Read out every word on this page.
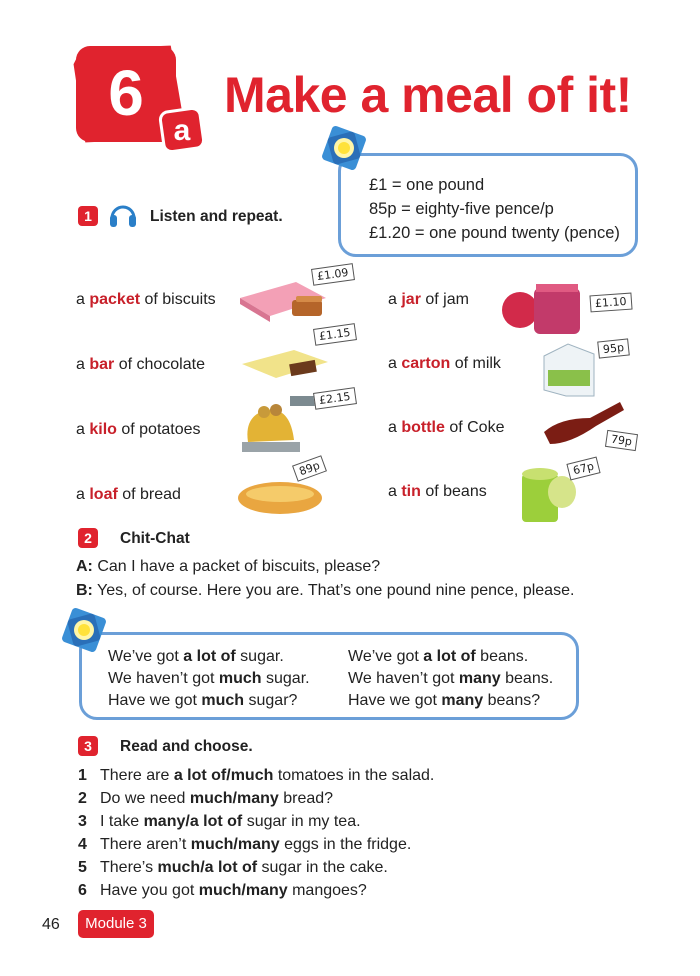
6
a
Make a meal of it!
£1 = one pound
85p = eighty-five pence/p
£1.20 = one pound twenty (pence)
1	Listen and repeat.
a packet of biscuits
a bar of chocolate
a kilo of potatoes
a loaf of bread
a jar of jam
a carton of milk
a bottle of Coke
a tin of beans
£1.09
£1.15
£2.15
89p
£1.10
95p
79p
67p
2	Chit-Chat
A: Can I have a packet of biscuits, please?
B: Yes, of course. Here you are. That’s one pound nine pence, please.
We’ve got a lot of sugar.
We haven’t got much sugar.
Have we got much sugar?
We’ve got a lot of beans.
We haven’t got many beans.
Have we got many beans?
3	Read and choose.
1 There are a lot of/much tomatoes in the salad.
2 Do we need much/many bread?
3 I take many/a lot of sugar in my tea.
4 There aren’t much/many eggs in the fridge.
5 There’s much/a lot of sugar in the cake.
6 Have you got much/many mangoes?
46	Module 3
